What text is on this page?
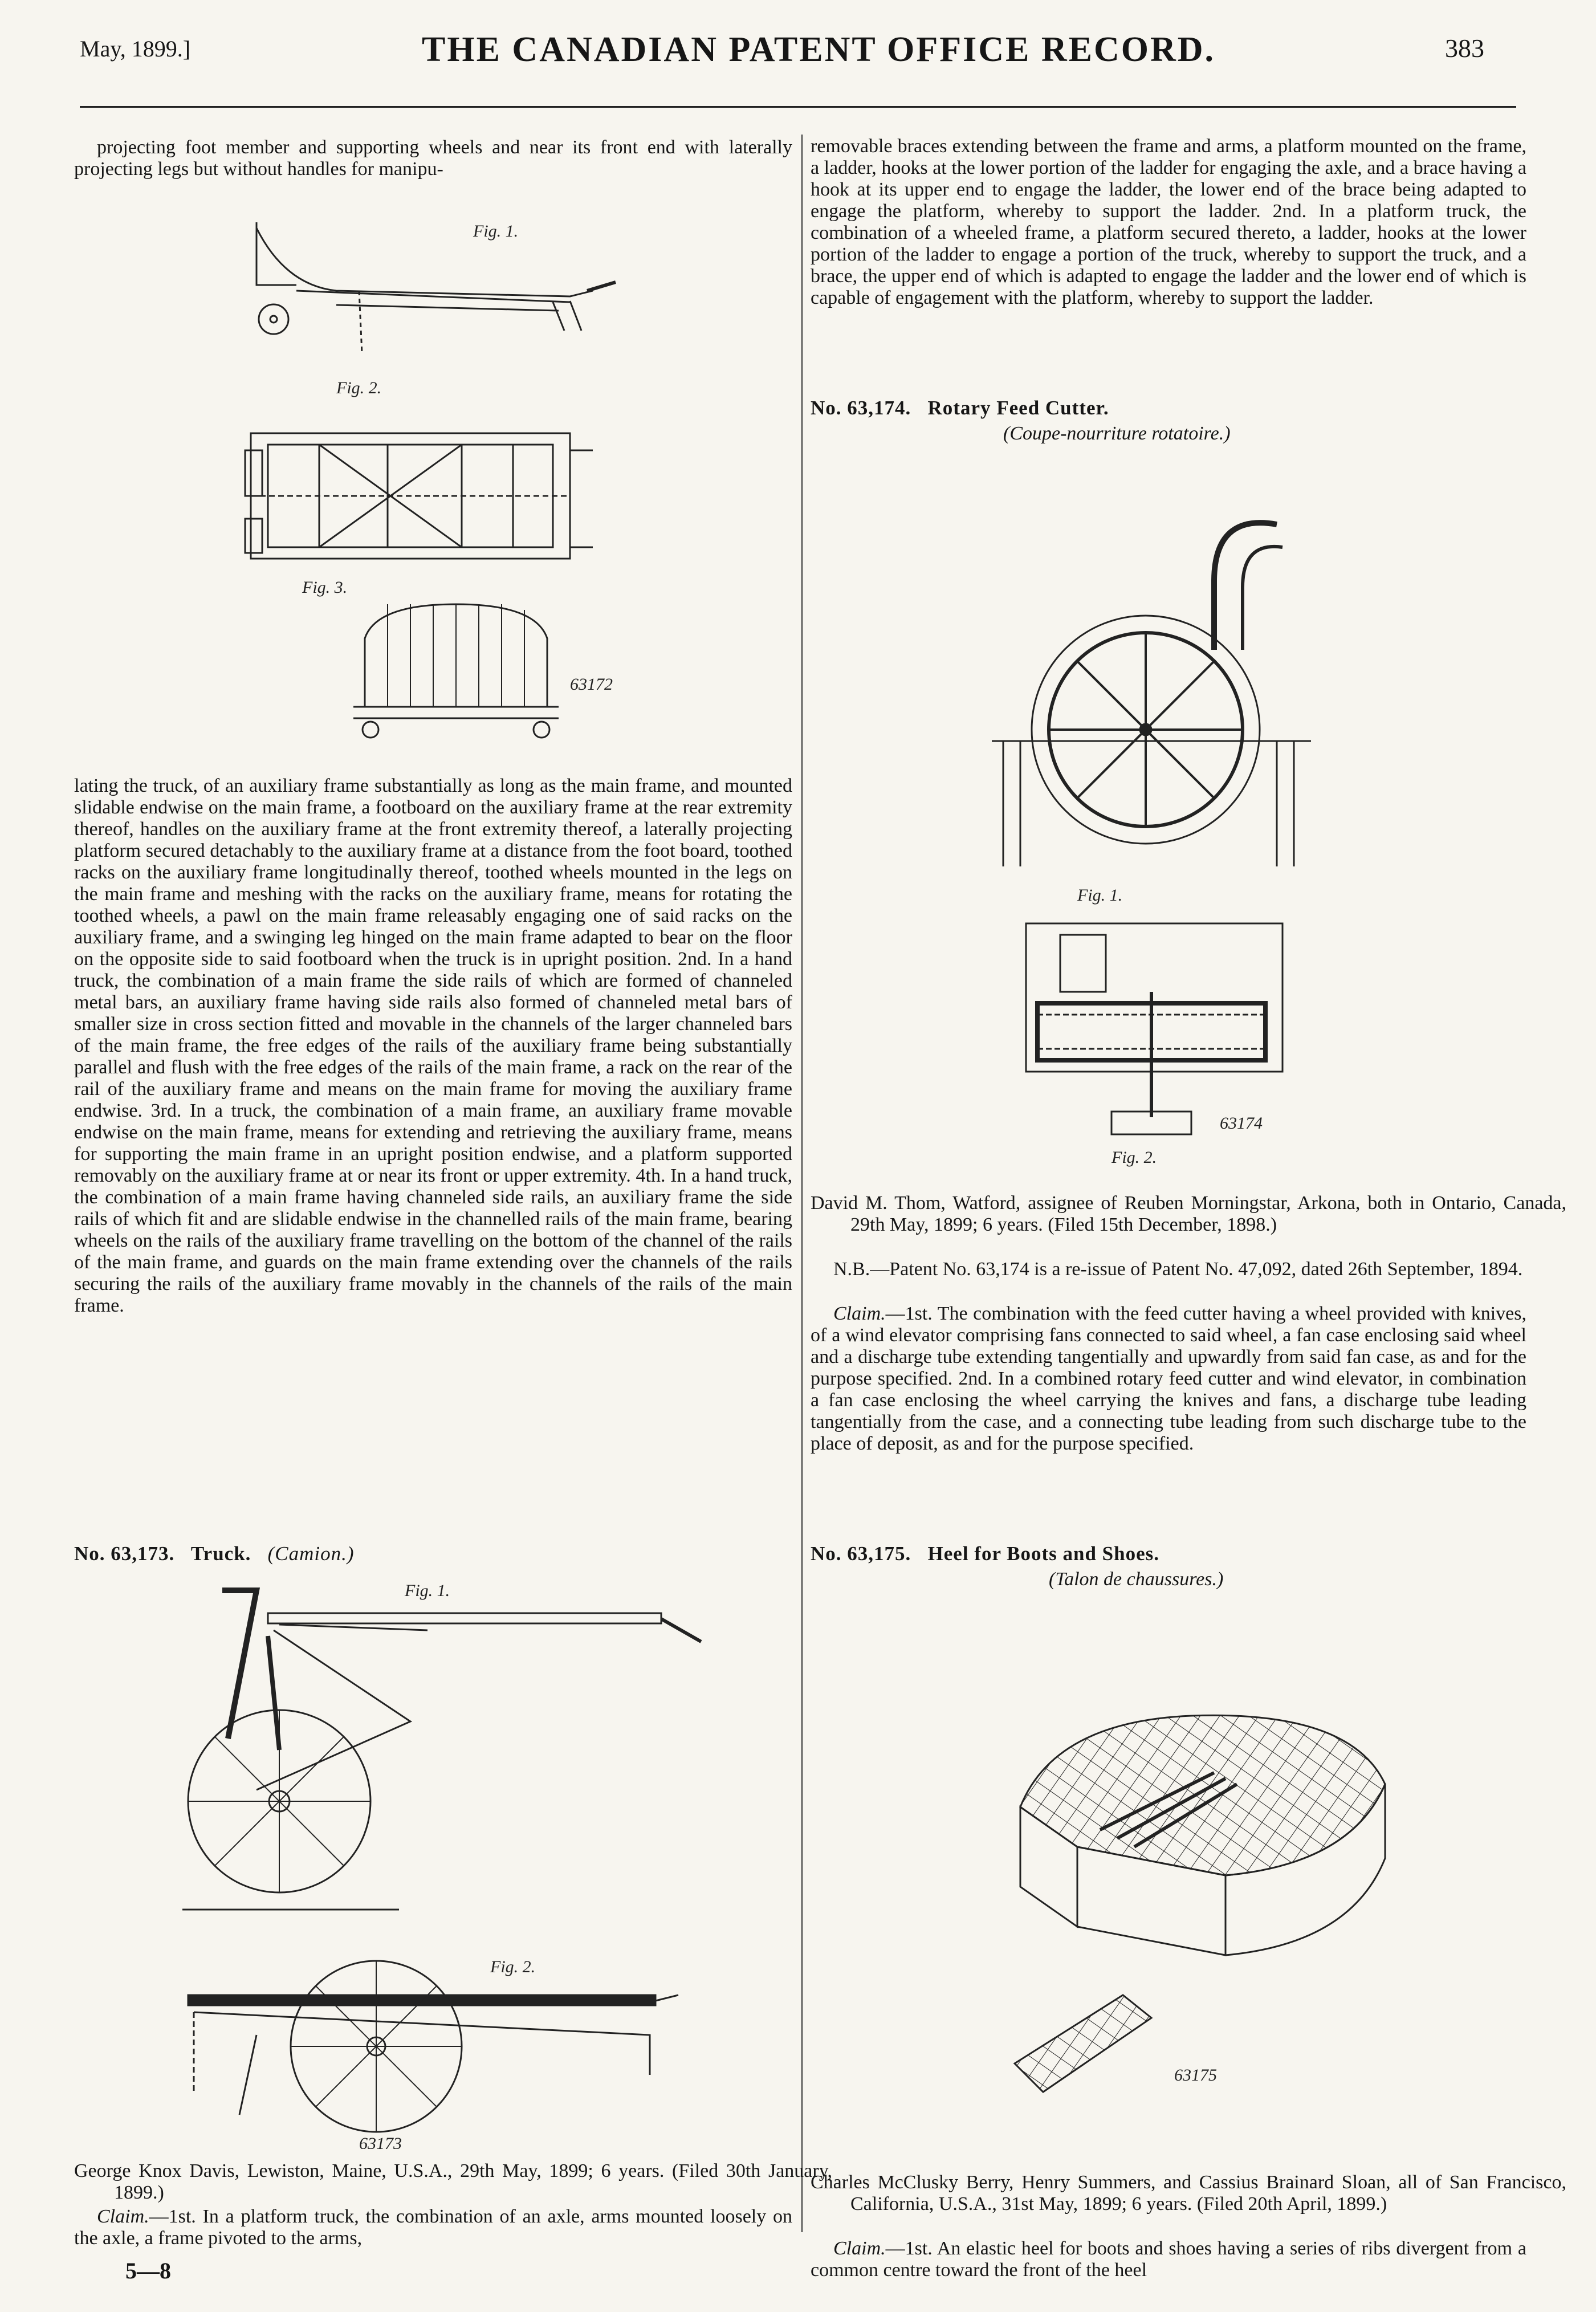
May, 1899.]	THE CANADIAN PATENT OFFICE RECORD.	383
projecting foot member and supporting wheels and near its front end with laterally projecting legs but without handles for manipu-
Fig. 1.
Fig. 2.
Fig. 3.
63172
lating the truck, of an auxiliary frame substantially as long as the main frame, and mounted slidable endwise on the main frame, a footboard on the auxiliary frame at the rear extremity thereof, handles on the auxiliary frame at the front extremity thereof, a laterally projecting platform secured detachably to the auxiliary frame at a distance from the foot board, toothed racks on the auxiliary frame longitudinally thereof, toothed wheels mounted in the legs on the main frame and meshing with the racks on the auxiliary frame, means for rotating the toothed wheels, a pawl on the main frame releasably engaging one of said racks on the auxiliary frame, and a swinging leg hinged on the main frame adapted to bear on the floor on the opposite side to said footboard when the truck is in upright position. 2nd. In a hand truck, the combination of a main frame the side rails of which are formed of channeled metal bars, an auxiliary frame having side rails also formed of channeled metal bars of smaller size in cross section fitted and movable in the channels of the larger channeled bars of the main frame, the free edges of the rails of the auxiliary frame being substantially parallel and flush with the free edges of the rails of the main frame, a rack on the rear of the rail of the auxiliary frame and means on the main frame for moving the auxiliary frame endwise. 3rd. In a truck, the combination of a main frame, an auxiliary frame movable endwise on the main frame, means for extending and retrieving the auxiliary frame, means for supporting the main frame in an upright position endwise, and a platform supported removably on the auxiliary frame at or near its front or upper extremity. 4th. In a hand truck, the combination of a main frame having channeled side rails, an auxiliary frame the side rails of which fit and are slidable endwise in the channelled rails of the main frame, bearing wheels on the rails of the auxiliary frame travelling on the bottom of the channel of the rails of the main frame, and guards on the main frame extending over the channels of the rails securing the rails of the auxiliary frame movably in the channels of the rails of the main frame.
No. 63,173. Truck. (Camion.)
Fig. 1.
Fig. 2.
63173
George Knox Davis, Lewiston, Maine, U.S.A., 29th May, 1899; 6 years. (Filed 30th January, 1899.)
Claim.—1st. In a platform truck, the combination of an axle, arms mounted loosely on the axle, a frame pivoted to the arms,
5—8
removable braces extending between the frame and arms, a platform mounted on the frame, a ladder, hooks at the lower portion of the ladder for engaging the axle, and a brace having a hook at its upper end to engage the ladder, the lower end of the brace being adapted to engage the platform, whereby to support the ladder. 2nd. In a platform truck, the combination of a wheeled frame, a platform secured thereto, a ladder, hooks at the lower portion of the ladder to engage a portion of the truck, whereby to support the truck, and a brace, the upper end of which is adapted to engage the ladder and the lower end of which is capable of engagement with the platform, whereby to support the ladder.
No. 63,174. Rotary Feed Cutter.
(Coupe-nourriture rotatoire.)
Fig. 1.
Fig. 2.
63174
David M. Thom, Watford, assignee of Reuben Morningstar, Arkona, both in Ontario, Canada, 29th May, 1899; 6 years. (Filed 15th December, 1898.)
N.B.—Patent No. 63,174 is a re-issue of Patent No. 47,092, dated 26th September, 1894.
Claim.—1st. The combination with the feed cutter having a wheel provided with knives, of a wind elevator comprising fans connected to said wheel, a fan case enclosing said wheel and a discharge tube extending tangentially and upwardly from said fan case, as and for the purpose specified. 2nd. In a combined rotary feed cutter and wind elevator, in combination a fan case enclosing the wheel carrying the knives and fans, a discharge tube leading tangentially from the case, and a connecting tube leading from such discharge tube to the place of deposit, as and for the purpose specified.
No. 63,175. Heel for Boots and Shoes.
(Talon de chaussures.)
63175
Charles McClusky Berry, Henry Summers, and Cassius Brainard Sloan, all of San Francisco, California, U.S.A., 31st May, 1899; 6 years. (Filed 20th April, 1899.)
Claim.—1st. An elastic heel for boots and shoes having a series of ribs divergent from a common centre toward the front of the heel
